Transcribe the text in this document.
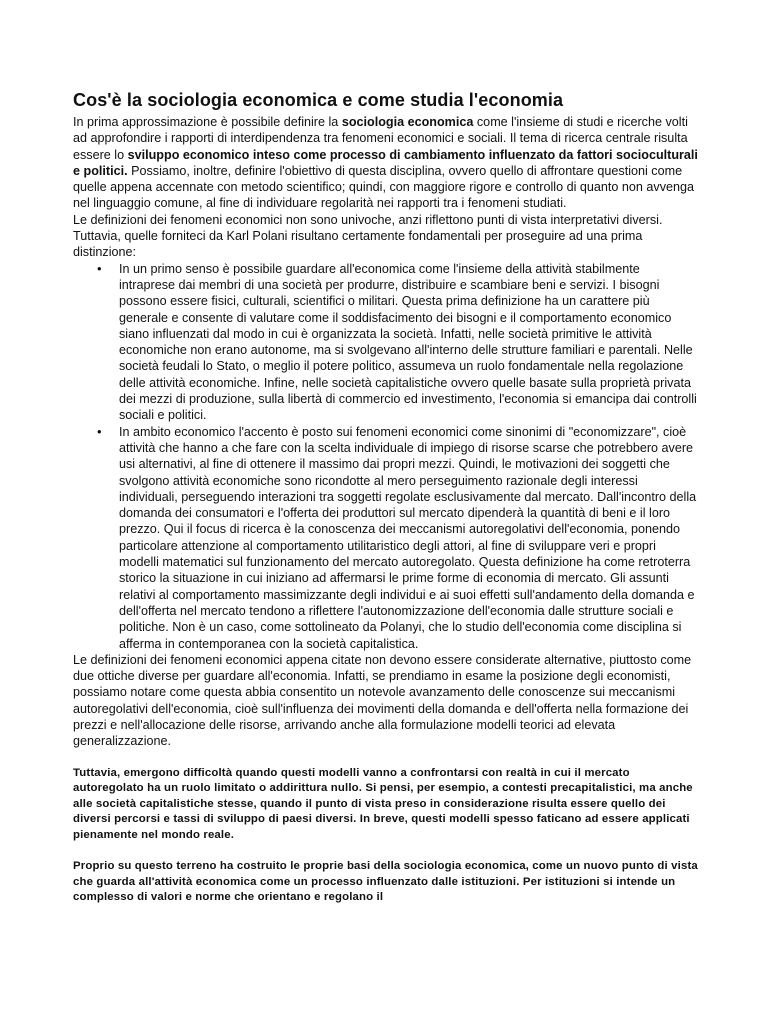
Cos'è la sociologia economica e come studia l'economia

In prima approssimazione è possibile definire la sociologia economica come l'insieme di studi e ricerche volti ad approfondire i rapporti di interdipendenza tra fenomeni economici e sociali. Il tema di ricerca centrale risulta essere lo sviluppo economico inteso come processo di cambiamento influenzato da fattori socioculturali e politici. Possiamo, inoltre, definire l'obiettivo di questa disciplina, ovvero quello di affrontare questioni come quelle appena accennate con metodo scientifico; quindi, con maggiore rigore e controllo di quanto non avvenga nel linguaggio comune, al fine di individuare regolarità nei rapporti tra i fenomeni studiati.

Le definizioni dei fenomeni economici non sono univoche, anzi riflettono punti di vista interpretativi diversi. Tuttavia, quelle forniteci da Karl Polani risultano certamente fondamentali per proseguire ad una prima distinzione:

• In un primo senso è possibile guardare all'economica come l'insieme della attività stabilmente intraprese dai membri di una società per produrre, distribuire e scambiare beni e servizi. I bisogni possono essere fisici, culturali, scientifici o militari. Questa prima definizione ha un carattere più generale e consente di valutare come il soddisfacimento dei bisogni e il comportamento economico siano influenzati dal modo in cui è organizzata la società. Infatti, nelle società primitive le attività economiche non erano autonome, ma si svolgevano all'interno delle strutture familiari e parentali. Nelle società feudali lo Stato, o meglio il potere politico, assumeva un ruolo fondamentale nella regolazione delle attività economiche. Infine, nelle società capitalistiche ovvero quelle basate sulla proprietà privata dei mezzi di produzione, sulla libertà di commercio ed investimento, l'economia si emancipa dai controlli sociali e politici.
• In ambito economico l'accento è posto sui fenomeni economici come sinonimi di "economizzare", cioè attività che hanno a che fare con la scelta individuale di impiego di risorse scarse che potrebbero avere usi alternativi, al fine di ottenere il massimo dai propri mezzi. Quindi, le motivazioni dei soggetti che svolgono attività economiche sono ricondotte al mero perseguimento razionale degli interessi individuali, perseguendo interazioni tra soggetti regolate esclusivamente dal mercato. Dall'incontro della domanda dei consumatori e l'offerta dei produttori sul mercato dipenderà la quantità di beni e il loro prezzo. Qui il focus di ricerca è la conoscenza dei meccanismi autoregolativi dell'economia, ponendo particolare attenzione al comportamento utilitaristico degli attori, al fine di sviluppare veri e propri modelli matematici sul funzionamento del mercato autoregolato. Questa definizione ha come retroterra storico la situazione in cui iniziano ad affermarsi le prime forme di economia di mercato. Gli assunti relativi al comportamento massimizzante degli individui e ai suoi effetti sull'andamento della domanda e dell'offerta nel mercato tendono a riflettere l'autonomizzazione dell'economia dalle strutture sociali e politiche. Non è un caso, come sottolineato da Polanyi, che lo studio dell'economia come disciplina si afferma in contemporanea con la società capitalistica.

Le definizioni dei fenomeni economici appena citate non devono essere considerate alternative, piuttosto come due ottiche diverse per guardare all'economia. Infatti, se prendiamo in esame la posizione degli economisti, possiamo notare come questa abbia consentito un notevole avanzamento delle conoscenze sui meccanismi autoregolativi dell'economia, cioè sull'influenza dei movimenti della domanda e dell'offerta nella formazione dei prezzi e nell'allocazione delle risorse, arrivando anche alla formulazione modelli teorici ad elevata generalizzazione.

Tuttavia, emergono difficoltà quando questi modelli vanno a confrontarsi con realtà in cui il mercato autoregolato ha un ruolo limitato o addirittura nullo. Si pensi, per esempio, a contesti precapitalistici, ma anche alle società capitalistiche stesse, quando il punto di vista preso in considerazione risulta essere quello dei diversi percorsi e tassi di sviluppo di paesi diversi. In breve, questi modelli spesso faticano ad essere applicati pienamente nel mondo reale.

Proprio su questo terreno ha costruito le proprie basi della sociologia economica, come un nuovo punto di vista che guarda all'attività economica come un processo influenzato dalle istituzioni. Per istituzioni si intende un complesso di valori e norme che orientano e regolano il
